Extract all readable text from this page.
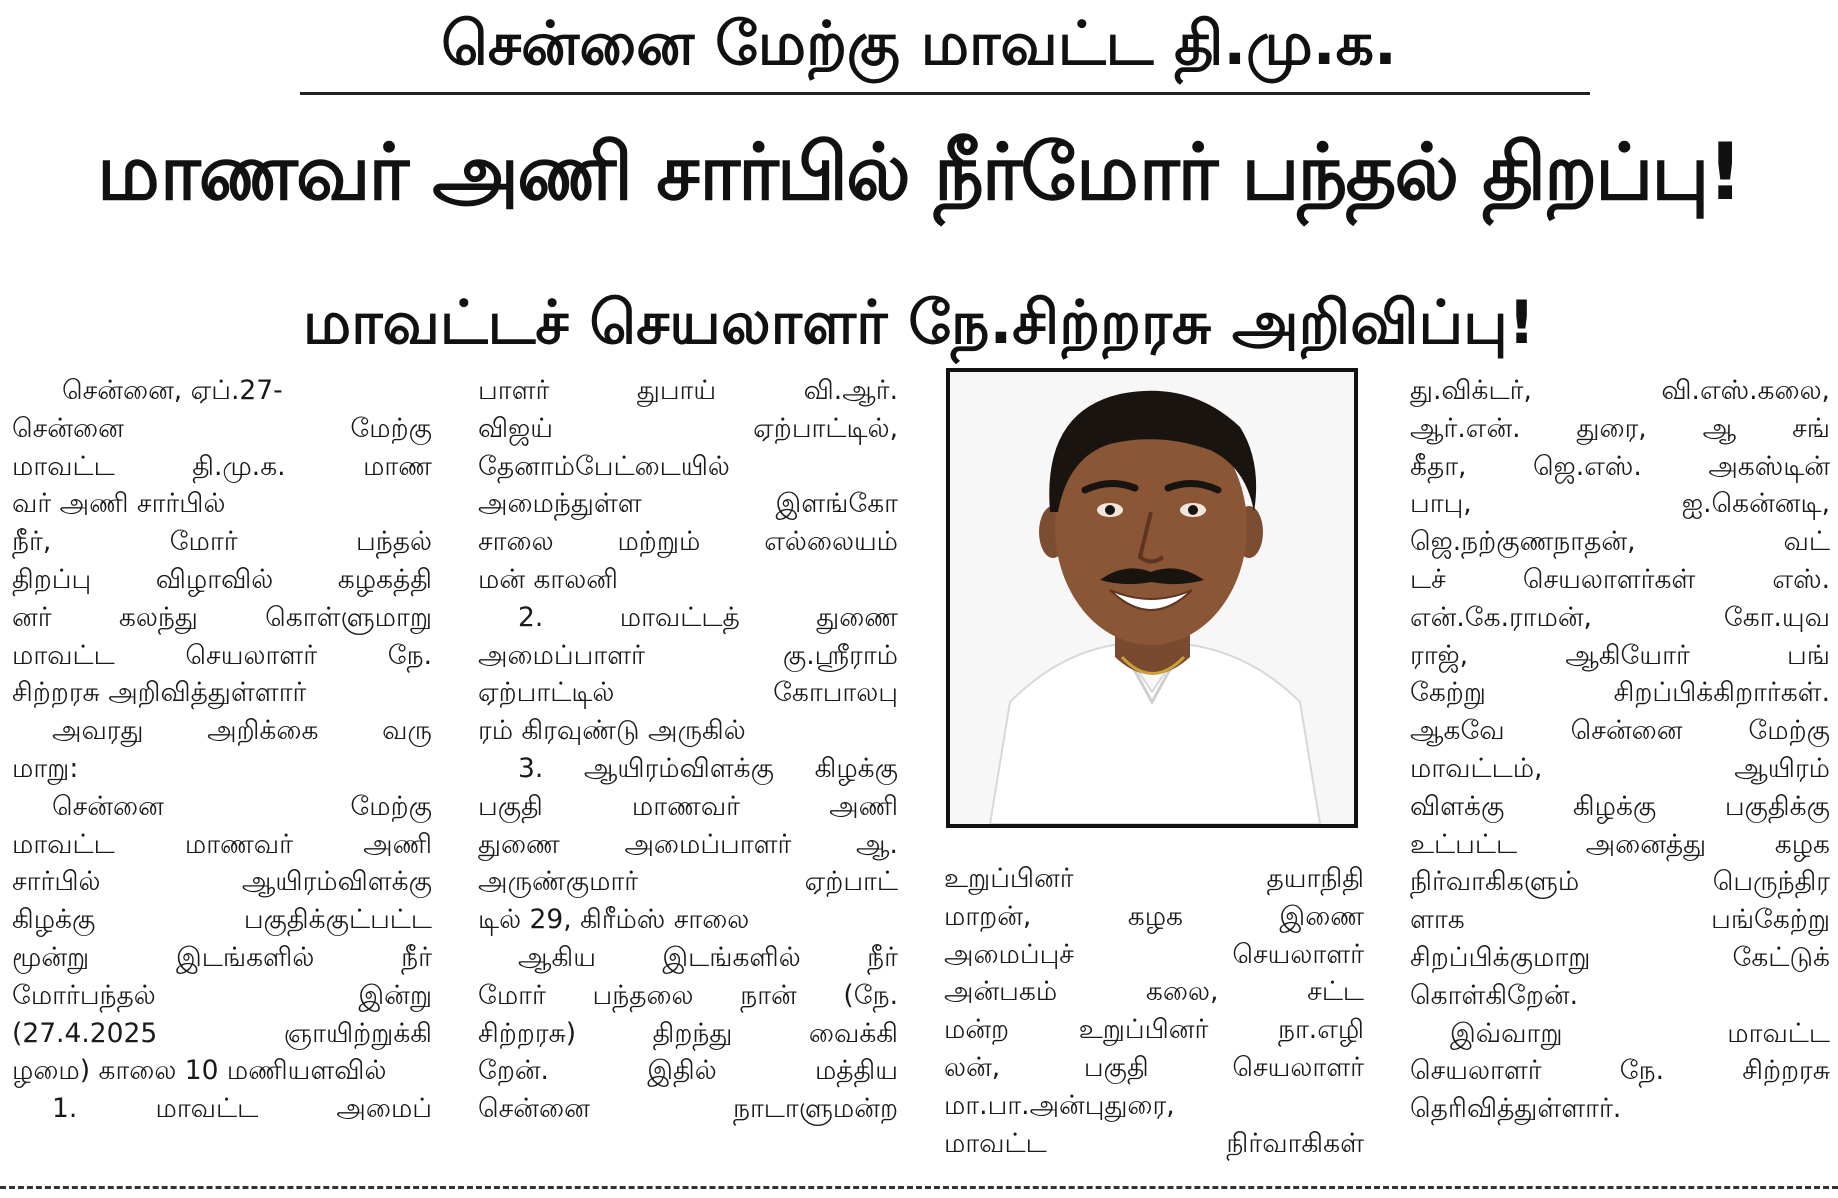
சென்னை மேற்கு மாவட்ட தி.மு.க.
மாணவர் அணி சார்பில் நீர்மோர் பந்தல் திறப்பு!
மாவட்டச் செயலாளர் நே.சிற்றரசு அறிவிப்பு!
சென்னை, ஏப்.27-
சென்னை மேற்கு
மாவட்ட தி.மு.க. மாண
வர் அணி சார்பில்
நீர், மோர் பந்தல்
திறப்பு விழாவில் கழகத்தி
னர் கலந்து கொள்ளுமாறு
மாவட்ட செயலாளர் நே.
சிற்றரசு அறிவித்துள்ளார்
அவரது அறிக்கை வரு
மாறு:
சென்னை மேற்கு
மாவட்ட மாணவர் அணி
சார்பில் ஆயிரம்விளக்கு
கிழக்கு பகுதிக்குட்பட்ட
மூன்று இடங்களில் நீர்
மோர்பந்தல் இன்று
(27.4.2025 ஞாயிற்றுக்கி
ழமை) காலை 10 மணியளவில்
1. மாவட்ட அமைப்
பாளர் துபாய் வி.ஆர்.
விஜய் ஏற்பாட்டில்,
தேனாம்பேட்டையில்
அமைந்துள்ள இளங்கோ
சாலை மற்றும் எல்லையம்
மன் காலனி
2. மாவட்டத் துணை
அமைப்பாளர் கு.ஸ்ரீராம்
ஏற்பாட்டில் கோபாலபு
ரம் கிரவுண்டு அருகில்
3. ஆயிரம்விளக்கு கிழக்கு
பகுதி மாணவர் அணி
துணை அமைப்பாளர் ஆ.
அருண்குமார் ஏற்பாட்
டில் 29, கிரீம்ஸ் சாலை
ஆகிய இடங்களில் நீர்
மோர் பந்தலை நான் (நே.
சிற்றரசு) திறந்து வைக்கி
றேன். இதில் மத்திய
சென்னை நாடாளுமன்ற
உறுப்பினர் தயாநிதி
மாறன், கழக இணை
அமைப்புச் செயலாளர்
அன்பகம் கலை, சட்ட
மன்ற உறுப்பினர் நா.எழி
லன், பகுதி செயலாளர்
மா.பா.அன்புதுரை,
மாவட்ட நிர்வாகிகள்
து.விக்டர், வி.எஸ்.கலை,
ஆர்.என். துரை, ஆ சங்
கீதா, ஜெ.எஸ். அகஸ்டின்
பாபு, ஐ.கென்னடி,
ஜெ.நற்குணநாதன், வட்
டச் செயலாளர்கள் எஸ்.
என்.கே.ராமன், கோ.யுவ
ராஜ், ஆகியோர் பங்
கேற்று சிறப்பிக்கிறார்கள்.
ஆகவே சென்னை மேற்கு
மாவட்டம், ஆயிரம்
விளக்கு கிழக்கு பகுதிக்கு
உட்பட்ட அனைத்து கழக
நிர்வாகிகளும் பெருந்திர
ளாக பங்கேற்று
சிறப்பிக்குமாறு கேட்டுக்
கொள்கிறேன்.
இவ்வாறு மாவட்ட
செயலாளர் நே. சிற்றரசு
தெரிவித்துள்ளார்.
